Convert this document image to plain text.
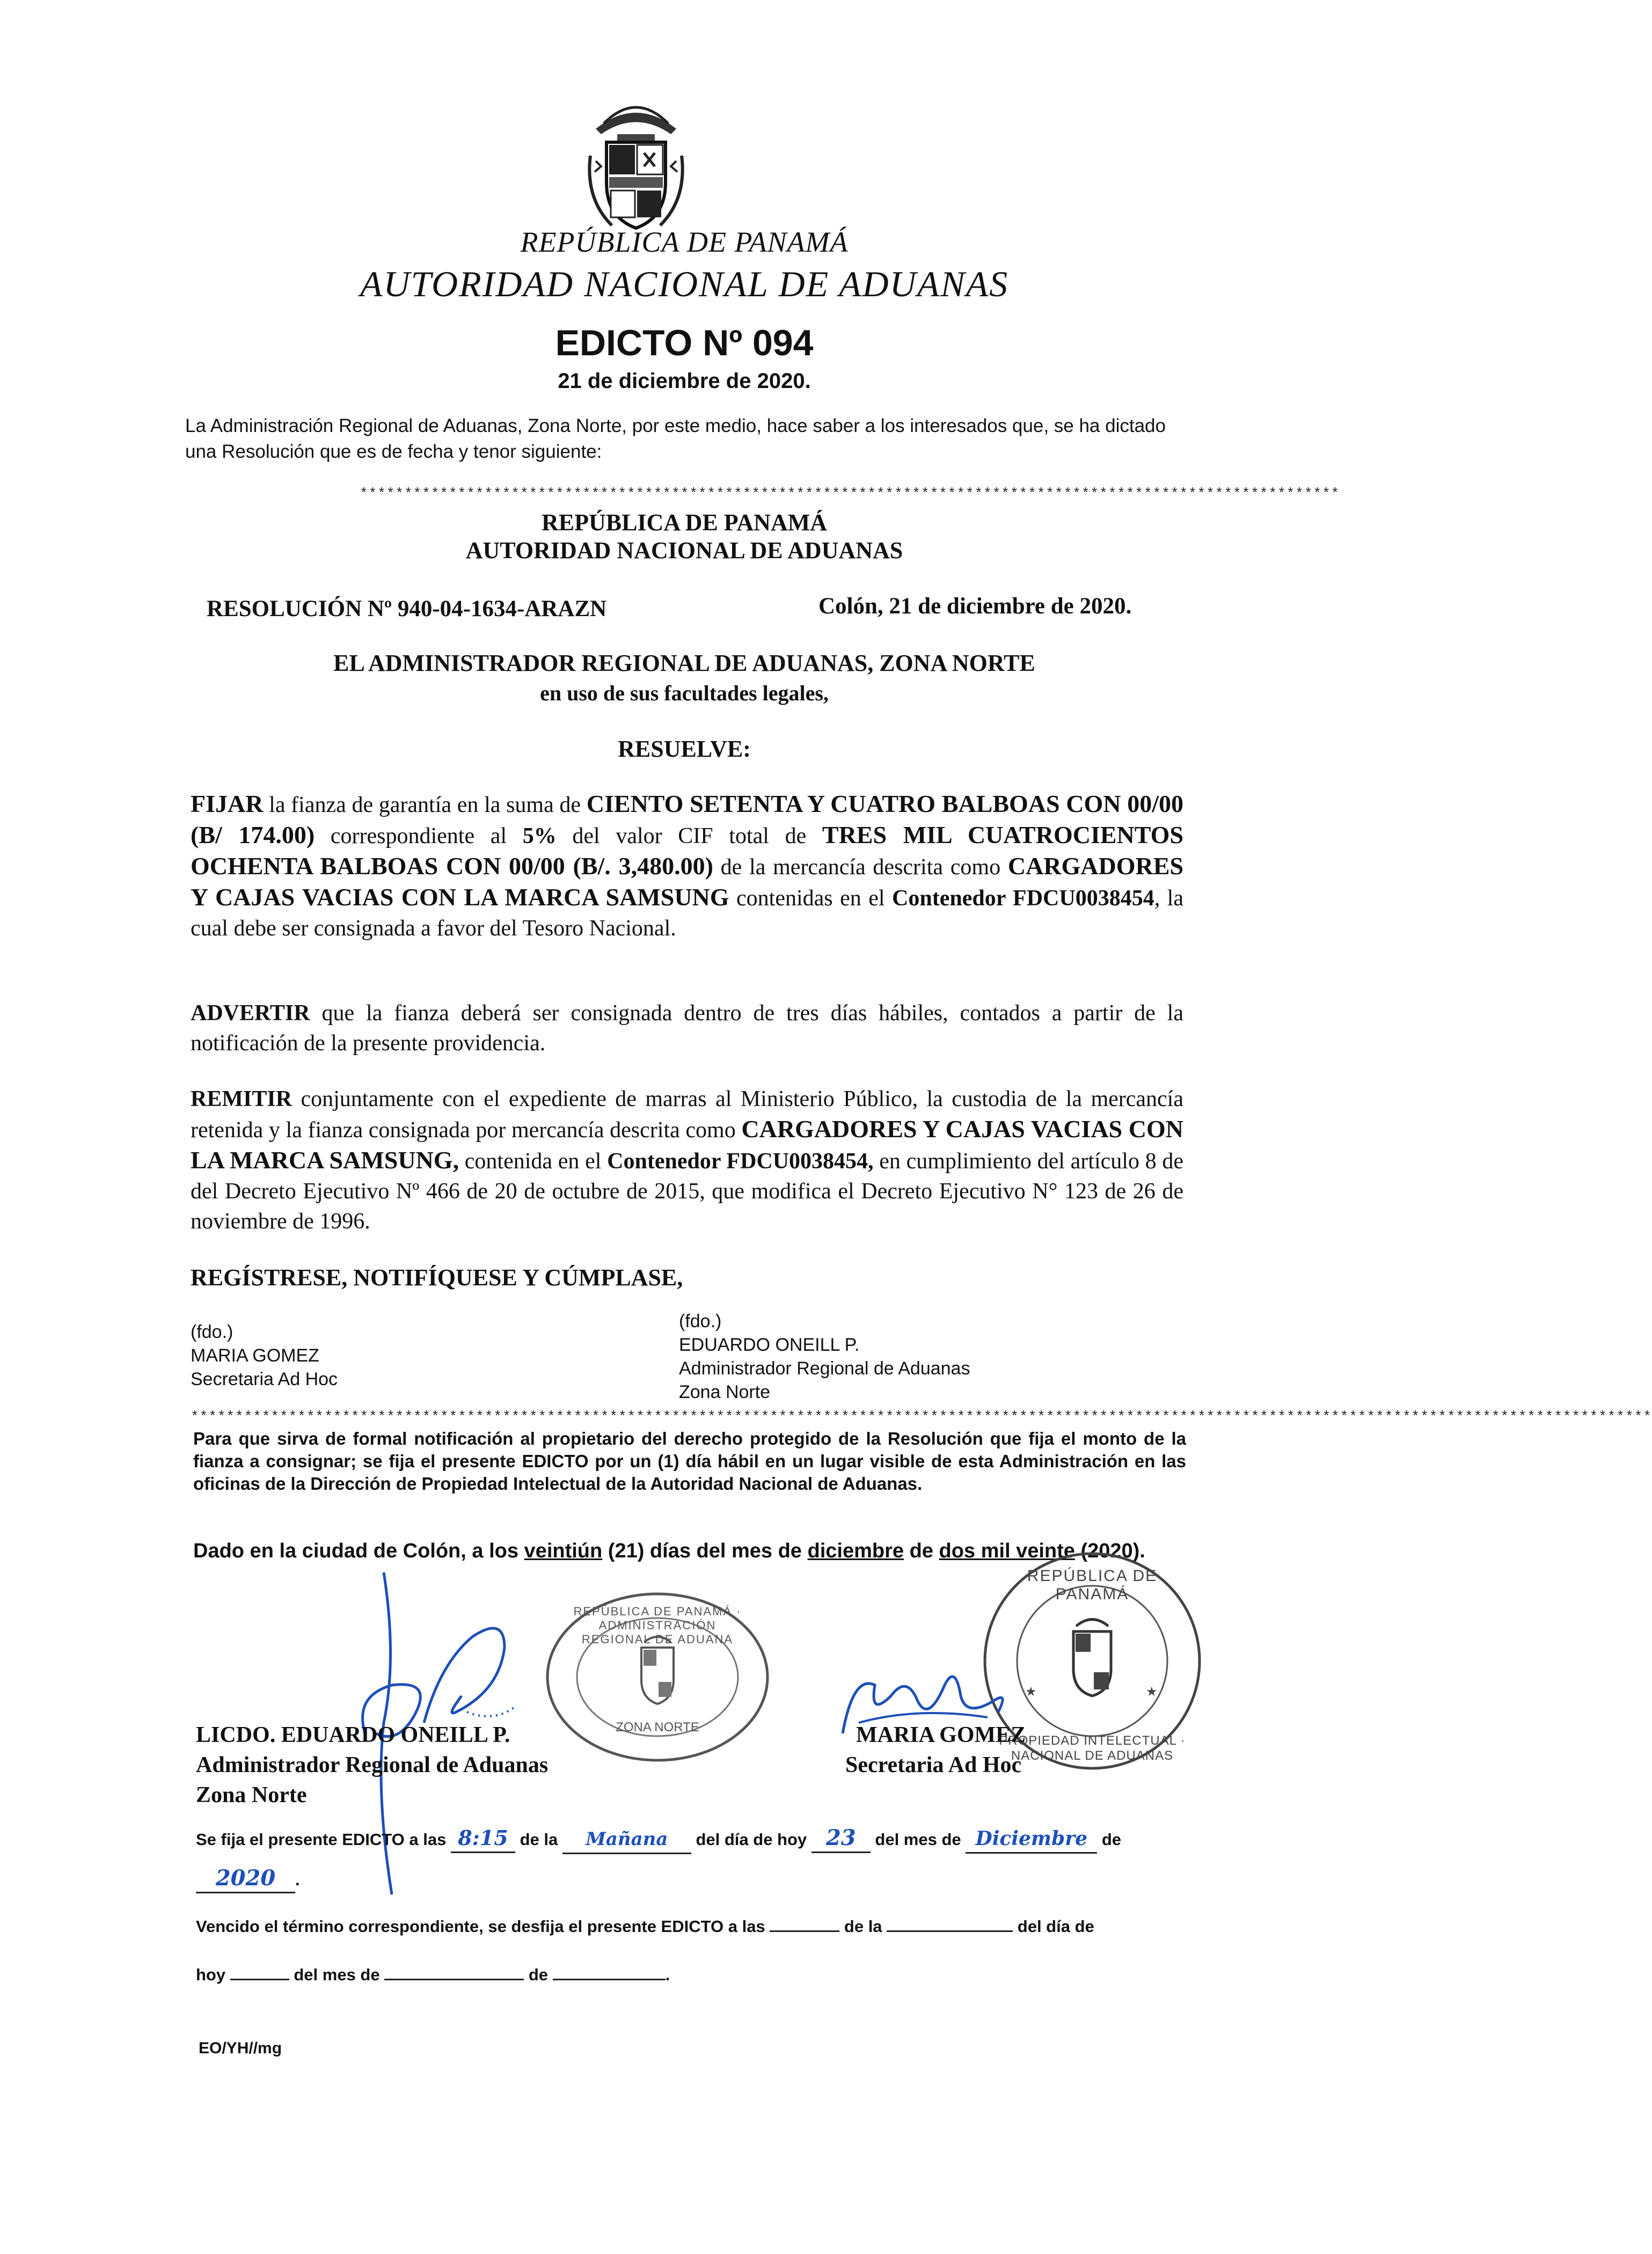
REPÚBLICA DE PANAMÁ
AUTORIDAD NACIONAL DE ADUANAS
EDICTO Nº 094
21 de diciembre de 2020.
La Administración Regional de Aduanas, Zona Norte, por este medio, hace saber a los interesados que, se ha dictado una Resolución que es de fecha y tenor siguiente:
**************************************************************************************************************
REPÚBLICA DE PANAMÁ
AUTORIDAD NACIONAL DE ADUANAS
RESOLUCIÓN Nº 940-04-1634-ARAZN	Colón, 21 de diciembre de 2020.
EL ADMINISTRADOR REGIONAL DE ADUANAS, ZONA NORTE
en uso de sus facultades legales,
RESUELVE:
FIJAR la fianza de garantía en la suma de CIENTO SETENTA Y CUATRO BALBOAS CON 00/00 (B/ 174.00) correspondiente al 5% del valor CIF total de TRES MIL CUATROCIENTOS OCHENTA BALBOAS CON 00/00 (B/. 3,480.00) de la mercancía descrita como CARGADORES Y CAJAS VACIAS CON LA MARCA SAMSUNG contenidas en el Contenedor FDCU0038454, la cual debe ser consignada a favor del Tesoro Nacional.
ADVERTIR que la fianza deberá ser consignada dentro de tres días hábiles, contados a partir de la notificación de la presente providencia.
REMITIR conjuntamente con el expediente de marras al Ministerio Público, la custodia de la mercancía retenida y la fianza consignada por mercancía descrita como CARGADORES Y CAJAS VACIAS CON LA MARCA SAMSUNG, contenida en el Contenedor FDCU0038454, en cumplimiento del artículo 8 de del Decreto Ejecutivo Nº 466 de 20 de octubre de 2015, que modifica el Decreto Ejecutivo N° 123 de 26 de noviembre de 1996.
REGÍSTRESE, NOTIFÍQUESE Y CÚMPLASE,
(fdo.)
MARIA GOMEZ
Secretaria Ad Hoc
(fdo.)
EDUARDO ONEILL P.
Administrador Regional de Aduanas
Zona Norte
********************************************************************************************************************************************************************
Para que sirva de formal notificación al propietario del derecho protegido de la Resolución que fija el monto de la fianza a consignar; se fija el presente EDICTO por un (1) día hábil en un lugar visible de esta Administración en las oficinas de la Dirección de Propiedad Intelectual de la Autoridad Nacional de Aduanas.
Dado en la ciudad de Colón, a los veintiún (21) días del mes de diciembre de dos mil veinte (2020).
REPÚBLICA DE PANAMÁ · ADMINISTRACIÓN REGIONAL DE ADUANA
ZONA NORTE
★	★
REPÚBLICA DE PANAMÁ
PROPIEDAD INTELECTUAL · NACIONAL DE ADUANAS
LICDO. EDUARDO ONEILL P.
Administrador Regional de Aduanas
Zona Norte
MARIA GOMEZ
Secretaria Ad Hoc
Se fija el presente EDICTO a las 8:15 de la Mañana del día de hoy 23 del mes de Diciembre de
2020 .
Vencido el término correspondiente, se desfija el presente EDICTO a las	de la	del día de
hoy	del mes de	de	.
EO/YH//mg
